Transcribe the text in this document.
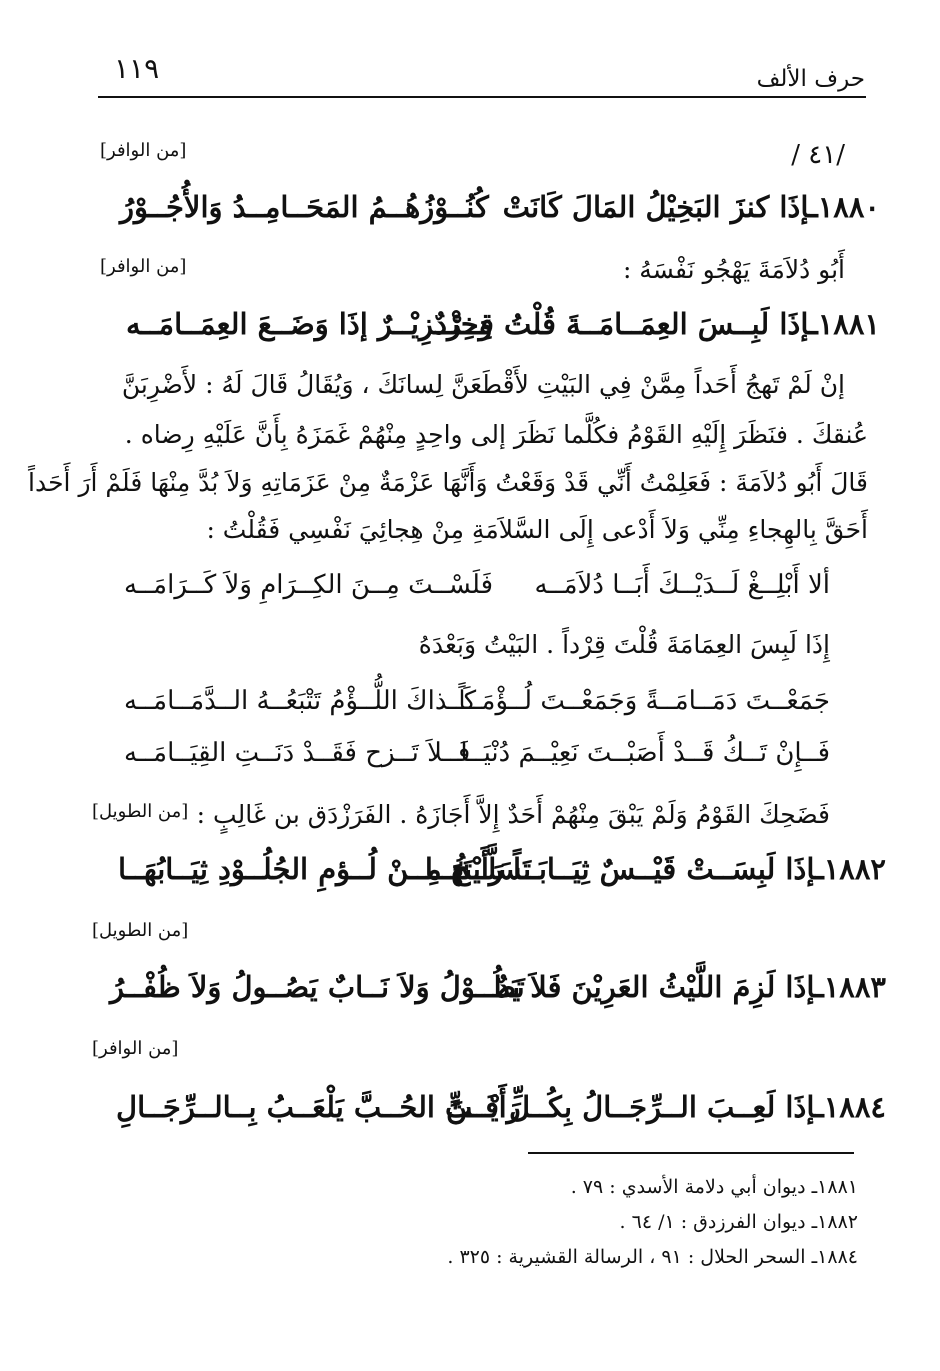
١١٩	حرف الألف
/ ٤١/
[من الوافر]
١٨٨٠ـإذَا كنزَ البَخِيْلُ المَالَ كَانَتْ
كُنُــوْزُهُــمُ المَحَــامِــدُ وَالأُجُــوْرُ
أَبُو دُلاَمَةَ يَهْجُو نَفْسَهُ :
[من الوافر]
١٨٨١ـإذَا لَبِــسَ العِمَــامَــةَ قُلْتُ قِــرْدٌ
وَخِنْــزِيْــرٌ إذَا وَضَــعَ العِمَــامَــه
إنْ لَمْ تَهجُ أَحَداً مِمَّنْ فِي البَيْتِ لأَقْطَعَنَّ لِسانَكَ ، وَيُقَالُ قَالَ لَهُ : لأَضْرِبَنَّ
عُنقكَ . فنَظَرَ إِلَيْهِ القَوْمُ فكُلَّما نَظَرَ إلى واحِدٍ مِنْهُمْ غَمَزَهُ بِأَنَّ عَلَيْهِ رِضاه .
قَالَ أَبُو دُلاَمَةَ : فَعَلِمْتُ أَنِّي قَدْ وَقَعْتُ وَأَنَّهَا عَزْمَةٌ مِنْ عَزَمَاتِهِ وَلاَ بُدَّ مِنْهَا فَلَمْ أَرَ أَحَداً
أَحَقَّ بِالهِجاءِ مِنِّي وَلاَ أَدْعى إِلَى السَّلاَمَةِ مِنْ هِجائِيَ نَفْسِي فَقُلْتُ :
ألا أَبْلِــغْ لَــدَيْــكَ أَبَــا دُلاَمَــه
فَلَسْــتَ مِــنَ الكِــرَامِ وَلاَ كَــرَامَــه
إِذَا لَبِسَ العِمَامَةَ قُلْتَ قِرْداً . البَيْتُ وَبَعْدَهُ
جَمَعْــتَ دَمَــامَــةً وَجَمَعْــتَ لُــؤْمَــاً
كَــذاكَ اللُّــؤْمُ تَتْبَعُــهُ الــدَّمَــامَــه
فَــإِنْ تَــكُ قَــدْ أَصَبْــتَ نَعِيْــمَ دُنْيَــا
فَــلاَ تَــزح فَقَــدْ دَنَــتِ القِيَــامَــه
فَضَحِكَ القَوْمُ وَلَمْ يَبْقَ مِنْهُمْ أَحَدٌ إِلاَّ أَجَازَهُ . الفَرَزْدَق بن غَالِبٍ :
[من الطويل]
١٨٨٢ـإذَا لَبِسَــتْ قَيْــسٌ ثِيَــابَــاً رَأَيْتَهَــا
تَسَلَّــخُ مِــنْ لُــؤمِ الجُلُــوْدِ ثِيَــابُهَــا
[من الطويل]
١٨٨٣ـإذَا لَزِمَ اللَّيْثُ العَرِيْنَ فَلاَ يَدٌ
تَطُــوْلُ وَلاَ نَــابٌ يَصُــولُ وَلاَ ظُفْــرُ
[من الوافر]
١٨٨٤ـإذَا لَعِــبَ الــرِّجَــالُ بِكُــلِّ فَــنٍّ
رَأَيْــتَ الحُــبَّ يَلْعَــبُ بِــالــرِّجَــالِ
١٨٨١ـ ديوان أبي دلامة الأسدي : ٧٩ .
١٨٨٢ـ ديوان الفرزدق : ١/ ٦٤ .
١٨٨٤ـ السحر الحلال : ٩١ ، الرسالة القشيرية : ٣٢٥ .
